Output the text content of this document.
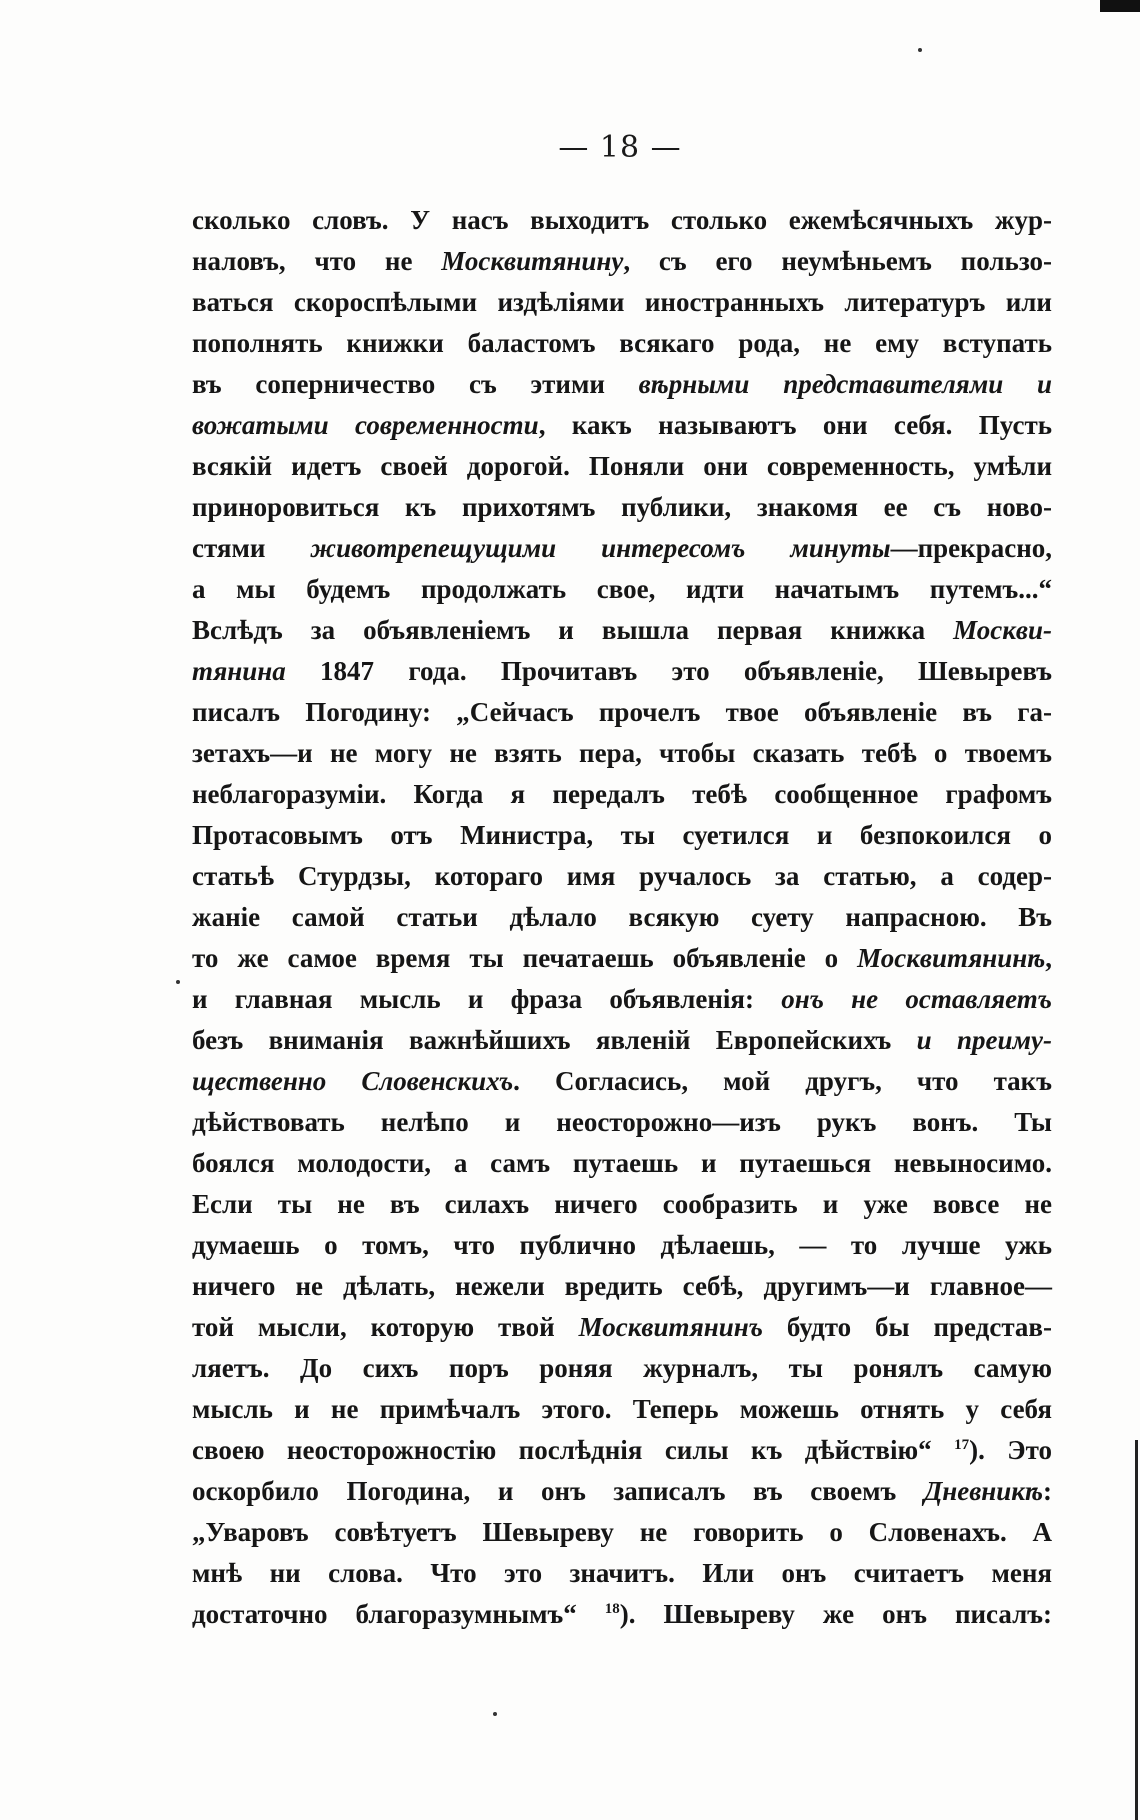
— 18 —
сколько словъ. У насъ выходитъ столько ежемѣсячныхъ жур-
наловъ, что не Москвитянину, съ его неумѣньемъ пользо-
ваться скороспѣлыми издѣліями иностранныхъ литературъ или
пополнять книжки баластомъ всякаго рода, не ему вступать
въ соперничество съ этими вѣрными представителями и
вожатыми современности, какъ называютъ они себя. Пусть
всякій идетъ своей дорогой. Поняли они современность, умѣли
приноровиться къ прихотямъ публики, знакомя ее съ ново-
стями животрепещущими интересомъ минуты—прекрасно,
а мы будемъ продолжать свое, идти начатымъ путемъ...“
Вслѣдъ за объявленіемъ и вышла первая книжка Москви-
тянина 1847 года. Прочитавъ это объявленіе, Шевыревъ
писалъ Погодину: „Сейчасъ прочелъ твое объявленіе въ га-
зетахъ—и не могу не взять пера, чтобы сказать тебѣ о твоемъ
неблагоразуміи. Когда я передалъ тебѣ сообщенное графомъ
Протасовымъ отъ Министра, ты суетился и безпокоился о
статьѣ Стурдзы, котораго имя ручалось за статью, а содер-
жаніе самой статьи дѣлало всякую суету напрасною. Въ
то же самое время ты печатаешь объявленіе о Москвитянинѣ,
и главная мысль и фраза объявленія: онъ не оставляетъ
безъ вниманія важнѣйшихъ явленій Европейскихъ и преиму-
щественно Словенскихъ. Согласись, мой другъ, что такъ
дѣйствовать нелѣпо и неосторожно—изъ рукъ вонъ. Ты
боялся молодости, а самъ путаешь и путаешься невыносимо.
Если ты не въ силахъ ничего сообразить и уже вовсе не
думаешь о томъ, что публично дѣлаешь, — то лучше ужь
ничего не дѣлать, нежели вредить себѣ, другимъ—и главное—
той мысли, которую твой Москвитянинъ будто бы представ-
ляетъ. До сихъ поръ роняя журналъ, ты ронялъ самую
мысль и не примѣчалъ этого. Теперь можешь отнять у себя
своею неосторожностію послѣднія силы къ дѣйствію“ $^{17}$). Это
оскорбило Погодина, и онъ записалъ въ своемъ Дневникѣ:
„Уваровъ совѣтуетъ Шевыреву не говорить о Словенахъ. А
мнѣ ни слова. Что это значитъ. Или онъ считаетъ меня
достаточно благоразумнымъ“ $^{18}$). Шевыреву же онъ писалъ:
